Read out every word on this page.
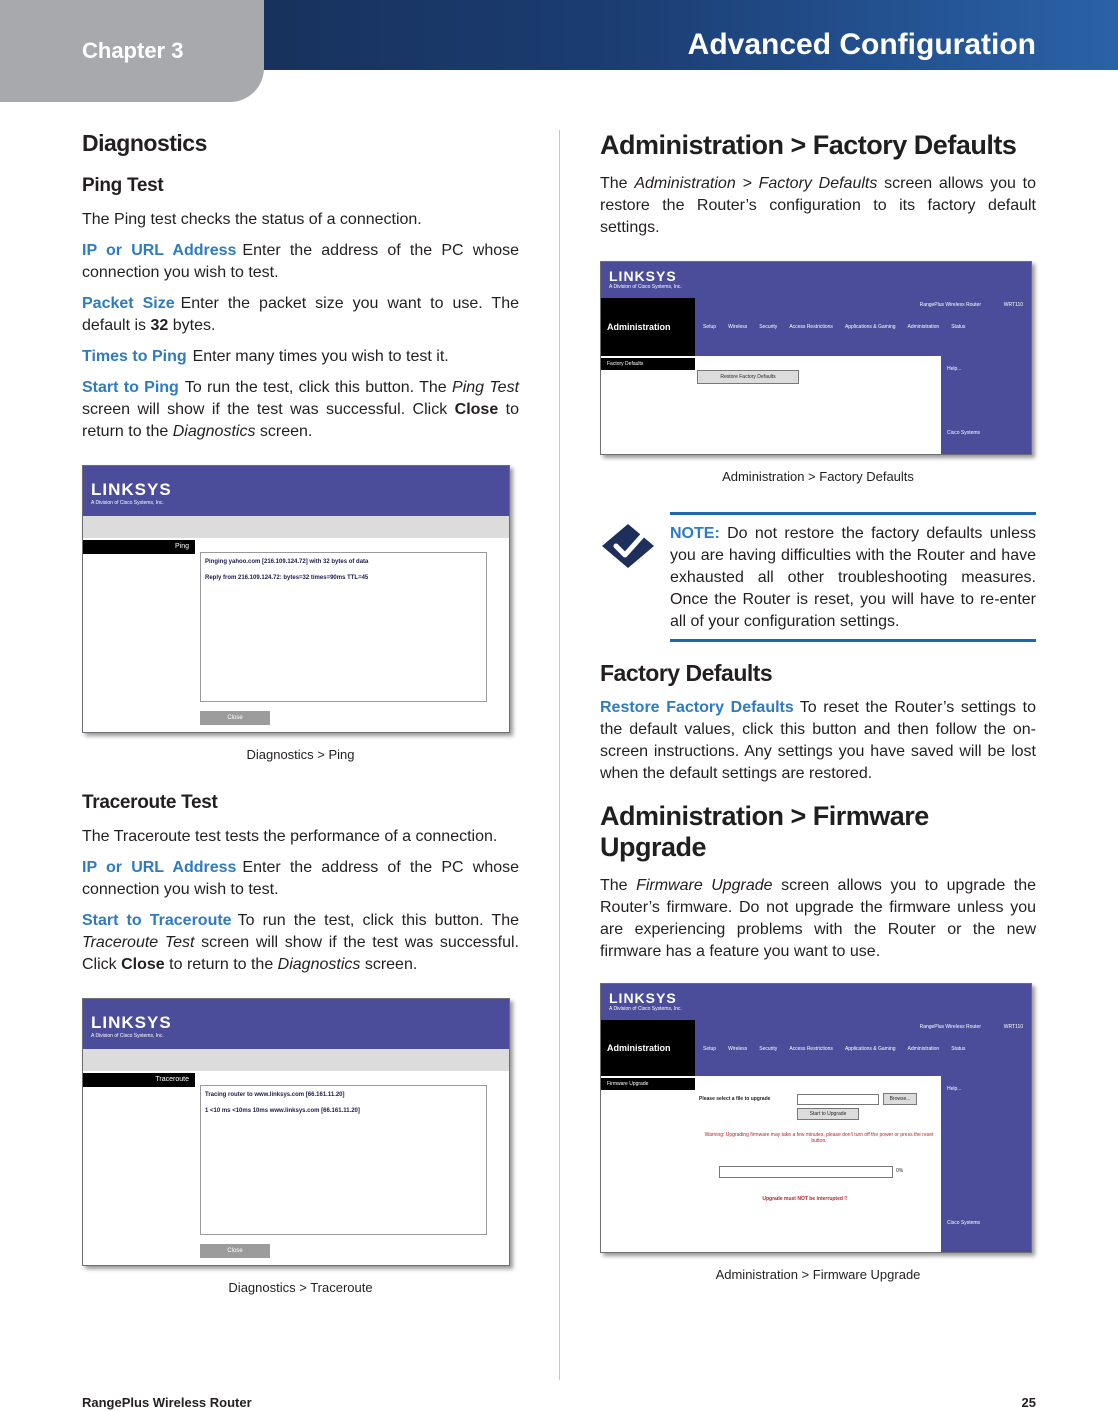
Chapter 3	Advanced Configuration
Diagnostics
Ping Test

The Ping test checks the status of a connection.

IP or URL Address Enter the address of the PC whose connection you wish to test.

Packet Size Enter the packet size you want to use. The default is 32 bytes.

Times to Ping Enter many times you wish to test it.

Start to Ping To run the test, click this button. The Ping Test screen will show if the test was successful. Click Close to return to the Diagnostics screen.

LINKSYS
A Division of Cisco Systems, Inc.
Ping
Pinging yahoo.com [216.109.124.72] with 32 bytes of data
Reply from 216.109.124.72: bytes=32 times=90ms TTL=45
Close
Diagnostics > Ping
Traceroute Test

The Traceroute test tests the performance of a connection.

IP or URL Address Enter the address of the PC whose connection you wish to test.

Start to Traceroute To run the test, click this button. The Traceroute Test screen will show if the test was successful. Click Close to return to the Diagnostics screen.

LINKSYS
A Division of Cisco Systems, Inc.
Traceroute
Tracing router to www.linksys.com [66.161.11.20]
1 <10 ms <10ms 10ms www.linksys.com [66.161.11.20]
Close
Diagnostics > Traceroute
Administration > Factory Defaults

The Administration > Factory Defaults screen allows you to restore the Router’s configuration to its factory default settings.

LINKSYS
A Division of Cisco Systems, Inc.
Administration
RangePlus Wireless Router	WRT110
Setup Wireless Security Access Restrictions Applications & Gaming Administration Status
Factory Defaults
Restore Factory Defaults
Help...
Cisco Systems
Administration > Factory Defaults

NOTE: Do not restore the factory defaults unless you are having difficulties with the Router and have exhausted all other troubleshooting measures. Once the Router is reset, you will have to re-enter all of your configuration settings.

Factory Defaults

Restore Factory Defaults To reset the Router’s settings to the default values, click this button and then follow the on-screen instructions. Any settings you have saved will be lost when the default settings are restored.

Administration > Firmware Upgrade

The Firmware Upgrade screen allows you to upgrade the Router’s firmware. Do not upgrade the firmware unless you are experiencing problems with the Router or the new firmware has a feature you want to use.

LINKSYS
A Division of Cisco Systems, Inc.
Administration
RangePlus Wireless Router	WRT110
Setup Wireless Security Access Restrictions Applications & Gaming Administration Status
Firmware Upgrade
Please select a file to upgrade	Browse...
Start to Upgrade
Warning: Upgrading firmware may take a few minutes, please don't turn off the power or press the reset button.
0%
Upgrade must NOT be interrupted !!
Help...
Cisco Systems
Administration > Firmware Upgrade
RangePlus Wireless Router	25
